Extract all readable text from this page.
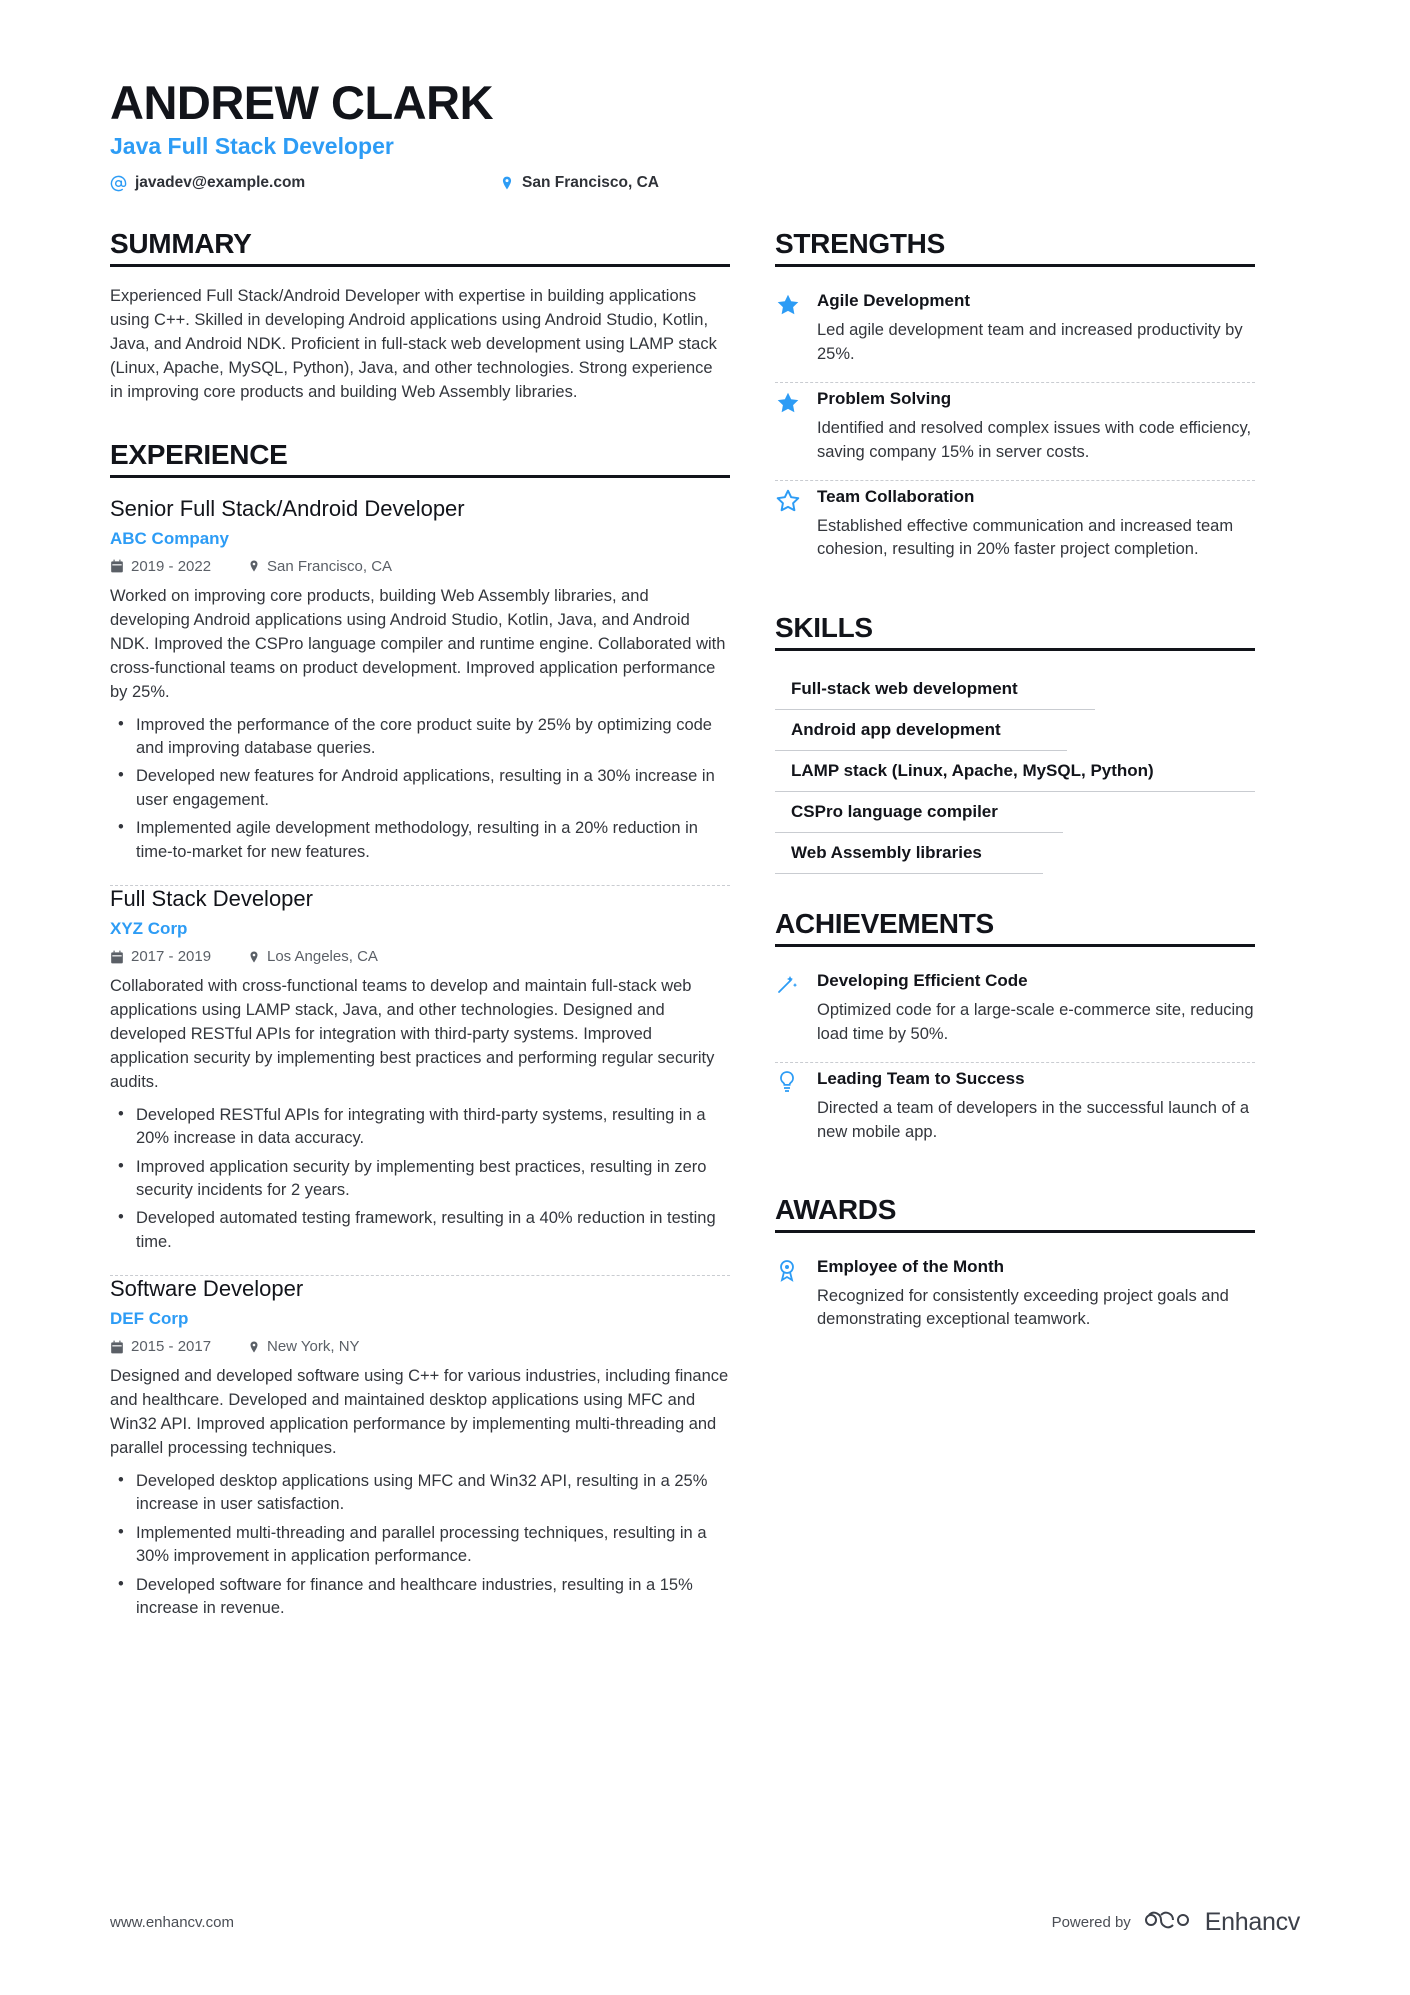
ANDREW CLARK
Java Full Stack Developer
javadev@example.com	San Francisco, CA
SUMMARY

Experienced Full Stack/Android Developer with expertise in building applications using C++. Skilled in developing Android applications using Android Studio, Kotlin, Java, and Android NDK. Proficient in full-stack web development using LAMP stack (Linux, Apache, MySQL, Python), Java, and other technologies. Strong experience in improving core products and building Web Assembly libraries.

EXPERIENCE
Senior Full Stack/Android Developer
ABC Company
2019 - 2022	San Francisco, CA

Worked on improving core products, building Web Assembly libraries, and developing Android applications using Android Studio, Kotlin, Java, and Android NDK. Improved the CSPro language compiler and runtime engine. Collaborated with cross-functional teams on product development. Improved application performance by 25%.

• Improved the performance of the core product suite by 25% by optimizing code and improving database queries.
• Developed new features for Android applications, resulting in a 30% increase in user engagement.
• Implemented agile development methodology, resulting in a 20% reduction in time-to-market for new features.
Full Stack Developer
XYZ Corp
2017 - 2019	Los Angeles, CA

Collaborated with cross-functional teams to develop and maintain full-stack web applications using LAMP stack, Java, and other technologies. Designed and developed RESTful APIs for integration with third-party systems. Improved application security by implementing best practices and performing regular security audits.

• Developed RESTful APIs for integrating with third-party systems, resulting in a 20% increase in data accuracy.
• Improved application security by implementing best practices, resulting in zero security incidents for 2 years.
• Developed automated testing framework, resulting in a 40% reduction in testing time.
Software Developer
DEF Corp
2015 - 2017	New York, NY

Designed and developed software using C++ for various industries, including finance and healthcare. Developed and maintained desktop applications using MFC and Win32 API. Improved application performance by implementing multi-threading and parallel processing techniques.

• Developed desktop applications using MFC and Win32 API, resulting in a 25% increase in user satisfaction.
• Implemented multi-threading and parallel processing techniques, resulting in a 30% improvement in application performance.
• Developed software for finance and healthcare industries, resulting in a 15% increase in revenue.
STRENGTHS
Agile Development

Led agile development team and increased productivity by 25%.

Problem Solving

Identified and resolved complex issues with code efficiency, saving company 15% in server costs.

Team Collaboration

Established effective communication and increased team cohesion, resulting in 20% faster project completion.

SKILLS
Full-stack web development
Android app development
LAMP stack (Linux, Apache, MySQL, Python)
CSPro language compiler
Web Assembly libraries
ACHIEVEMENTS
Developing Efficient Code

Optimized code for a large-scale e-commerce site, reducing load time by 50%.

Leading Team to Success

Directed a team of developers in the successful launch of a new mobile app.

AWARDS
Employee of the Month

Recognized for consistently exceeding project goals and demonstrating exceptional teamwork.

www.enhancv.com	Powered by	Enhancv
